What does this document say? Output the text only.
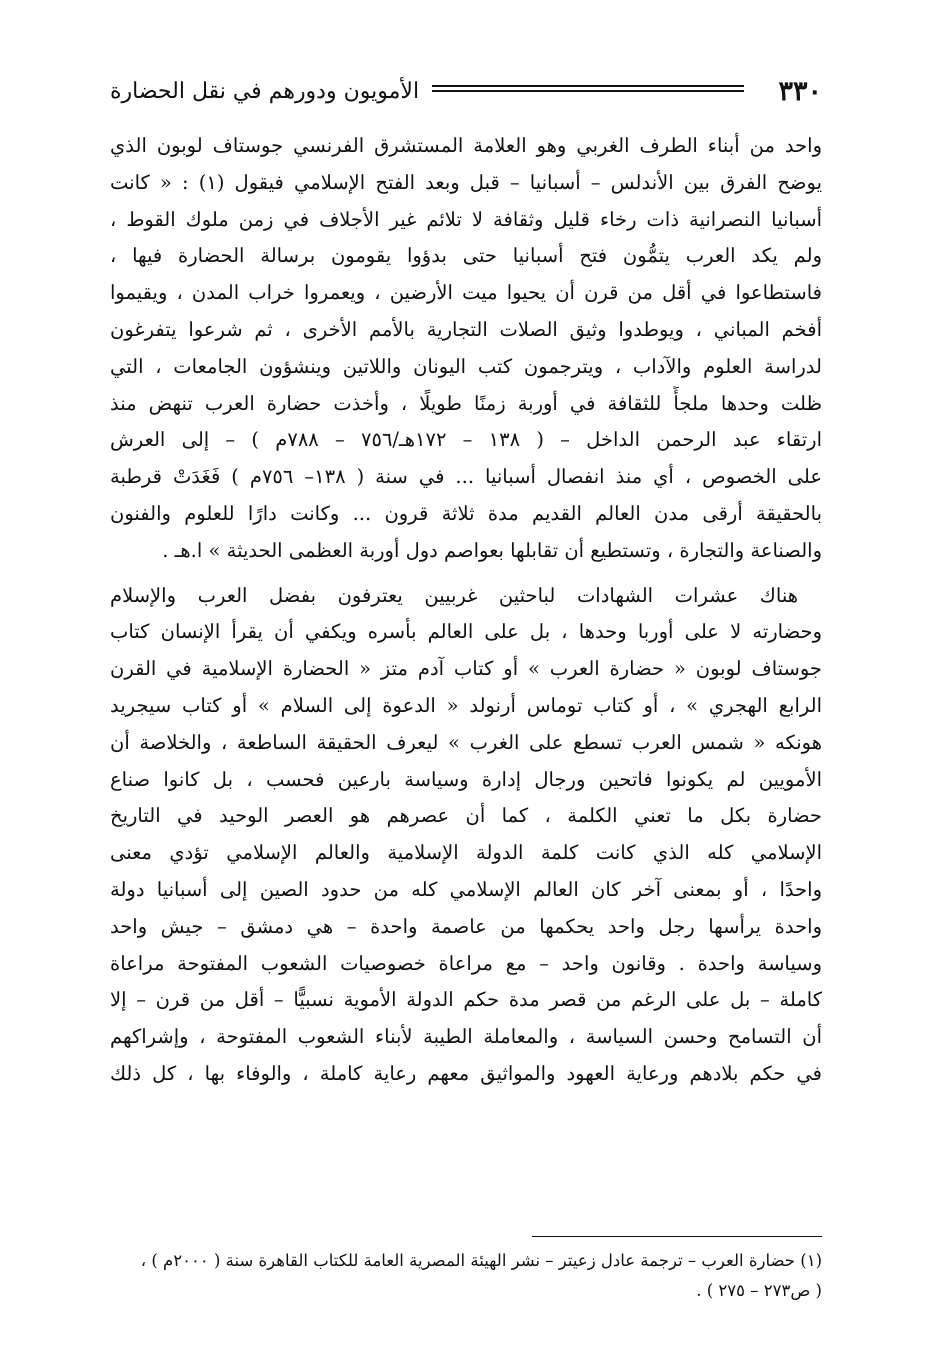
٣٣٠
الأمويون ودورهم في نقل الحضارة
واحد من أبناء الطرف الغربي وهو العلامة المستشرق الفرنسي جوستاف لوبون الذي
يوضح الفرق بين الأندلس – أسبانيا – قبل وبعد الفتح الإسلامي فيقول (١) : « كانت
أسبانيا النصرانية ذات رخاء قليل وثقافة لا تلائم غير الأجلاف في زمن ملوك القوط ،
ولم يكد العرب يتمُّون فتح أسبانيا حتى بدؤوا يقومون برسالة الحضارة فيها ،
فاستطاعوا في أقل من قرن أن يحيوا ميت الأرضين ، ويعمروا خراب المدن ، ويقيموا
أفخم المباني ، ويوطدوا وثيق الصلات التجارية بالأمم الأخرى ، ثم شرعوا يتفرغون
لدراسة العلوم والآداب ، ويترجمون كتب اليونان واللاتين وينشؤون الجامعات ، التي
ظلت وحدها ملجأً للثقافة في أوربة زمنًا طويلًا ، وأخذت حضارة العرب تنهض منذ
ارتقاء عبد الرحمن الداخل – ( ١٣٨ – ١٧٢هـ/٧٥٦ – ٧٨٨م ) – إلى العرش
على الخصوص ، أي منذ انفصال أسبانيا ... في سنة ( ١٣٨– ٧٥٦م ) فَغَدَتْ قرطبة
بالحقيقة أرقى مدن العالم القديم مدة ثلاثة قرون ... وكانت دارًا للعلوم والفنون
والصناعة والتجارة ، وتستطيع أن تقابلها بعواصم دول أوربة العظمى الحديثة » ا.هـ .
هناك عشرات الشهادات لباحثين غربيين يعترفون بفضل العرب والإسلام
وحضارته لا على أوربا وحدها ، بل على العالم بأسره ويكفي أن يقرأ الإنسان كتاب
جوستاف لوبون « حضارة العرب » أو كتاب آدم متز « الحضارة الإسلامية في القرن
الرابع الهجري » ، أو كتاب توماس أرنولد « الدعوة إلى السلام » أو كتاب سيجريد
هونكه « شمس العرب تسطع على الغرب » ليعرف الحقيقة الساطعة ، والخلاصة أن
الأمويين لم يكونوا فاتحين ورجال إدارة وسياسة بارعين فحسب ، بل كانوا صناع
حضارة بكل ما تعني الكلمة ، كما أن عصرهم هو العصر الوحيد في التاريخ
الإسلامي كله الذي كانت كلمة الدولة الإسلامية والعالم الإسلامي تؤدي معنى
واحدًا ، أو بمعنى آخر كان العالم الإسلامي كله من حدود الصين إلى أسبانيا دولة
واحدة يرأسها رجل واحد يحكمها من عاصمة واحدة – هي دمشق – جيش واحد
وسياسة واحدة . وقانون واحد – مع مراعاة خصوصيات الشعوب المفتوحة مراعاة
كاملة – بل على الرغم من قصر مدة حكم الدولة الأموية نسبيًّا – أقل من قرن – إلا
أن التسامح وحسن السياسة ، والمعاملة الطيبة لأبناء الشعوب المفتوحة ، وإشراكهم
في حكم بلادهم ورعاية العهود والمواثيق معهم رعاية كاملة ، والوفاء بها ، كل ذلك
(١) حضارة العرب – ترجمة عادل زعيتر – نشر الهيئة المصرية العامة للكتاب القاهرة سنة ( ٢٠٠٠م ) ،
( ص٢٧٣ – ٢٧٥ ) .
